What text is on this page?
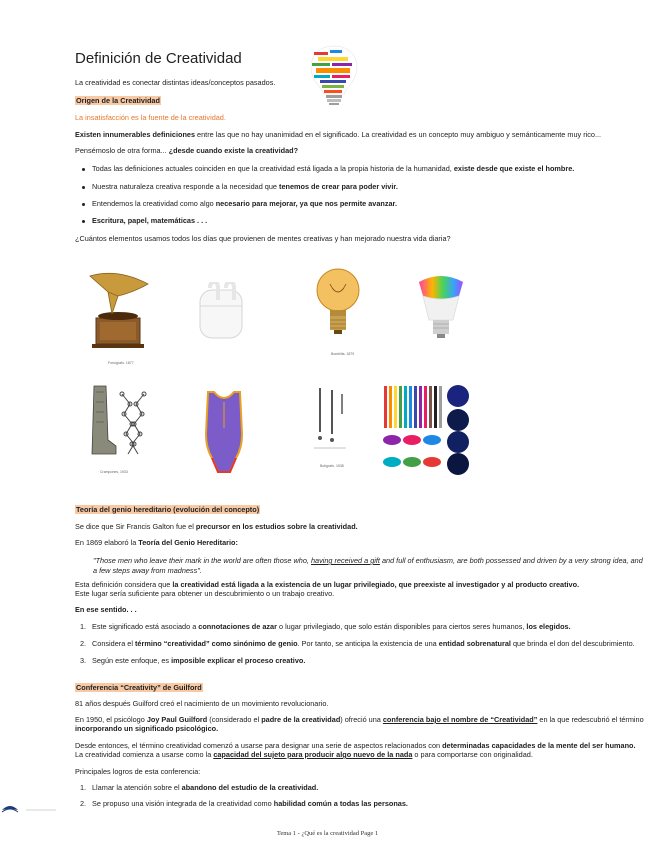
Definición de Creatividad
La creatividad es conectar distintas ideas/conceptos pasados.
Origen de la Creatividad
La insatisfacción es la fuente de la creatividad.
Existen innumerables definiciones entre las que no hay unanimidad en el significado. La creatividad es un concepto muy ambiguo y semánticamente muy rico...
Pensémoslo de otra forma... ¿desde cuando existe la creatividad?
Todas las definiciones actuales coinciden en que la creatividad está ligada a la propia historia de la humanidad, existe desde que existe el hombre.
Nuestra naturaleza creativa responde a la necesidad que tenemos de crear para poder vivir.
Entendemos la creatividad como algo necesario para mejorar, ya que nos permite avanzar.
Escritura, papel, matemáticas . . .
¿Cuántos elementos usamos todos los días que provienen de mentes creativas y han mejorado nuestra vida diaria?
Fonógrafo. 1877
Bombilla. 1879
Crampones. 1933
Bolígrafo. 1938
Teoría del genio hereditario (evolución del concepto)
Se dice que Sir Francis Galton fue el precursor en los estudios sobre la creatividad.
En 1869 elaboró la Teoría del Genio Hereditario:
"Those men who leave their mark in the world are often those who, having received a gift and full of enthusiasm, are both possessed and driven by a very strong idea, and
a few steps away from madness".
Esta definición considera que la creatividad está ligada a la existencia de un lugar privilegiado, que preexiste al investigador y al producto creativo.
Este lugar sería suficiente para obtener un descubrimiento o un trabajo creativo.
En ese sentido. . .
1. Este significado está asociado a connotaciones de azar o lugar privilegiado, que solo están disponibles para ciertos seres humanos, los elegidos.
2. Considera el término “creatividad” como sinónimo de genio. Por tanto, se anticipa la existencia de una entidad sobrenatural que brinda el don del descubrimiento.
3. Según este enfoque, es imposible explicar el proceso creativo.
Conferencia “Creativity” de Guilford
81 años después Guilford creó el nacimiento de un movimiento revolucionario.
En 1950, el psicólogo Joy Paul Guilford (considerado el padre de la creatividad) ofreció una conferencia bajo el nombre de “Creatividad” en la que redescubrió el término
incorporando un significado psicológico.
Desde entonces, el término creatividad comenzó a usarse para designar una serie de aspectos relacionados con determinadas capacidades de la mente del ser humano.
La creatividad comienza a usarse como la capacidad del sujeto para producir algo nuevo de la nada o para comportarse con originalidad.
Principales logros de esta conferencia:
1. Llamar la atención sobre el abandono del estudio de la creatividad.
2. Se propuso una visión integrada de la creatividad como habilidad común a todas las personas.
Tema 1 - ¿Qué es la creatividad Page 1
